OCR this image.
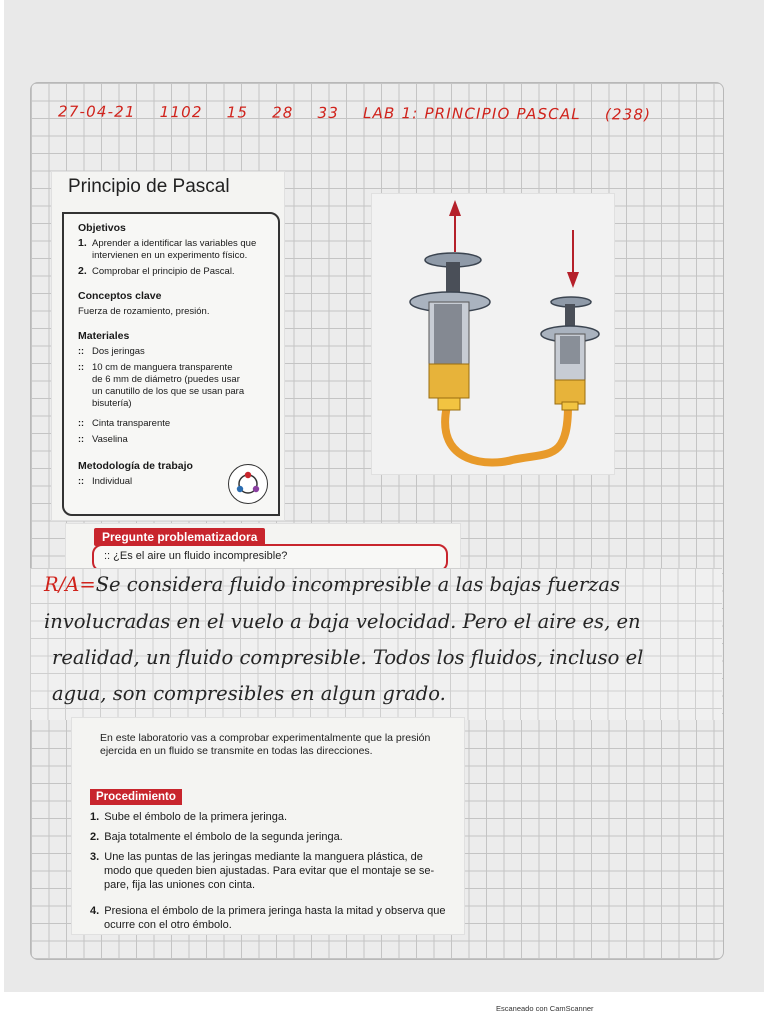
27-04-21 1102 15 28 33 LAB 1: PRINCIPIO PASCAL (238)
Principio de Pascal
Objetivos
1. Aprender a identificar las variables que
intervienen en un experimento físico.
2. Comprobar el principio de Pascal.
Conceptos clave
Fuerza de rozamiento, presión.
Materiales
:: Dos jeringas
:: 10 cm de manguera transparente
de 6 mm de diámetro (puedes usar
un canutillo de los que se usan para
bisutería)
:: Cinta transparente
:: Vaselina
Metodología de trabajo
:: Individual
:: ¿Es el aire un fluido incompresible?
Pregunte problematizadora
R/A=Se considera fluido incompresible a las bajas fuerzas
involucradas en el vuelo a baja velocidad. Pero el aire es, en
realidad, un fluido compresible. Todos los fluidos, incluso el
agua, son compresibles en algun grado.
En este laboratorio vas a comprobar experimentalmente que la presión
ejercida en un fluido se transmite en todas las direcciones.
Procedimiento
1. Sube el émbolo de la primera jeringa.
2. Baja totalmente el émbolo de la segunda jeringa.
3. Une las puntas de las jeringas mediante la manguera plástica, de
modo que queden bien ajustadas. Para evitar que el montaje se se-
pare, fija las uniones con cinta.
4. Presiona el émbolo de la primera jeringa hasta la mitad y observa que
ocurre con el otro émbolo.
Escaneado con CamScanner
